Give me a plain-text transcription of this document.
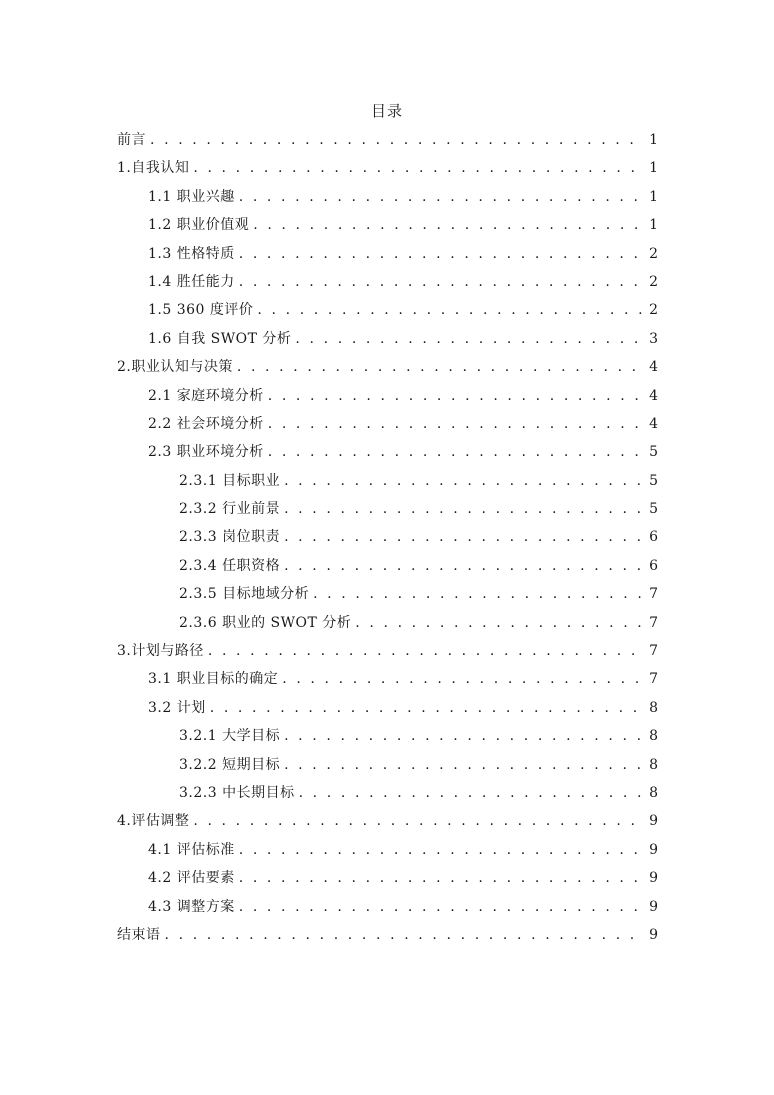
目录
前言 . . .	1
1.自我认知 . . .	1
1.1 职业兴趣 . . .	1
1.2 职业价值观 . . .	1
1.3 性格特质 . . .	2
1.4 胜任能力 . . .	2
1.5 360 度评价 . . .	2
1.6 自我 SWOT 分析 . . .	3
2.职业认知与决策 . . .	4
2.1 家庭环境分析 . . .	4
2.2 社会环境分析 . . .	4
2.3 职业环境分析 . . .	5
2.3.1 目标职业 . . .	5
2.3.2 行业前景 . . .	5
2.3.3 岗位职责 . . .	6
2.3.4 任职资格 . . .	6
2.3.5 目标地域分析 . . .	7
2.3.6 职业的 SWOT 分析 . . .	7
3.计划与路径 . . .	7
3.1 职业目标的确定 . . .	7
3.2 计划 . . .	8
3.2.1 大学目标 . . .	8
3.2.2 短期目标 . . .	8
3.2.3 中长期目标 . . .	8
4.评估调整 . . .	9
4.1 评估标准 . . .	9
4.2 评估要素 . . .	9
4.3 调整方案 . . .	9
结束语 . . .	9
